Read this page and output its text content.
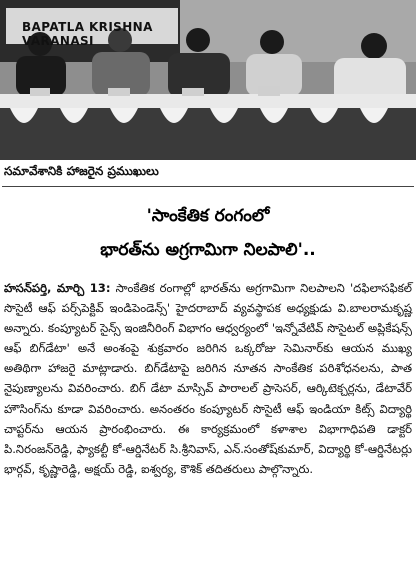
BAPATLA KRISHNA VARANASI
సమావేశానికి హాజరైన ప్రముఖులు
'సాంకేతిక రంగంలో
భారత్‌ను అగ్రగామిగా నిలపాలి'..
హసన్‌పర్తి, మార్చి 13: సాంకేతిక రంగాల్లో భారత్‌ను అగ్రగామిగా నిలపాలని 'దఫిలాసఫికల్ సొసైటీ ఆఫ్ పర్స్‌పెక్టివ్ ఇండిపెండెన్స్' హైదరాబాద్ వ్యవస్థాపక అధ్యక్షుడు వి.బాలరామకృష్ణ అన్నారు. కంప్యూటర్ సైన్స్ ఇంజినీరింగ్ విభాగం ఆధ్వర్యంలో 'ఇన్నోవేటివ్ సొసైటల్ అప్లికేషన్స్ ఆఫ్ బిగ్‌డేటా' అనే అంశంపై శుక్రవారం జరిగిన ఒక్కరోజు సెమినార్‌కు ఆయన ముఖ్య అతిథిగా హాజరై మాట్లాడారు. బిగ్‌డేటాపై జరిగిన నూతన సాంకేతిక పరిశోధనలను, పాత నైపుణ్యాలను వివరించారు. బిగ్ డేటా మాస్సివ్ పారాలల్ ప్రాసెసర్, ఆర్కిటెక్చర్లను, డేటావేర్ హౌసింగ్‌ను కూడా వివరించారు. అనంతరం కంప్యూటర్ సొసైటీ ఆఫ్ ఇండియా కిట్స్ విద్యార్థి చాప్టర్‌ను ఆయన ప్రారంభించారు. ఈ కార్యక్రమంలో కళాశాల విభాగాధిపతి డాక్టర్ పి.నిరంజన్‌రెడ్డి, ఫ్యాకల్టీ కో-ఆర్డినేటర్ సి.శ్రీనివాస్, ఎన్.సంతోష్‌కుమార్, విద్యార్థి కో-ఆర్డినేటర్లు భార్గవ్, కృష్ణారెడ్డి, అక్షయ్ రెడ్డి, ఐశ్వర్య, కౌశిక్ తదితరులు పాల్గొన్నారు.
